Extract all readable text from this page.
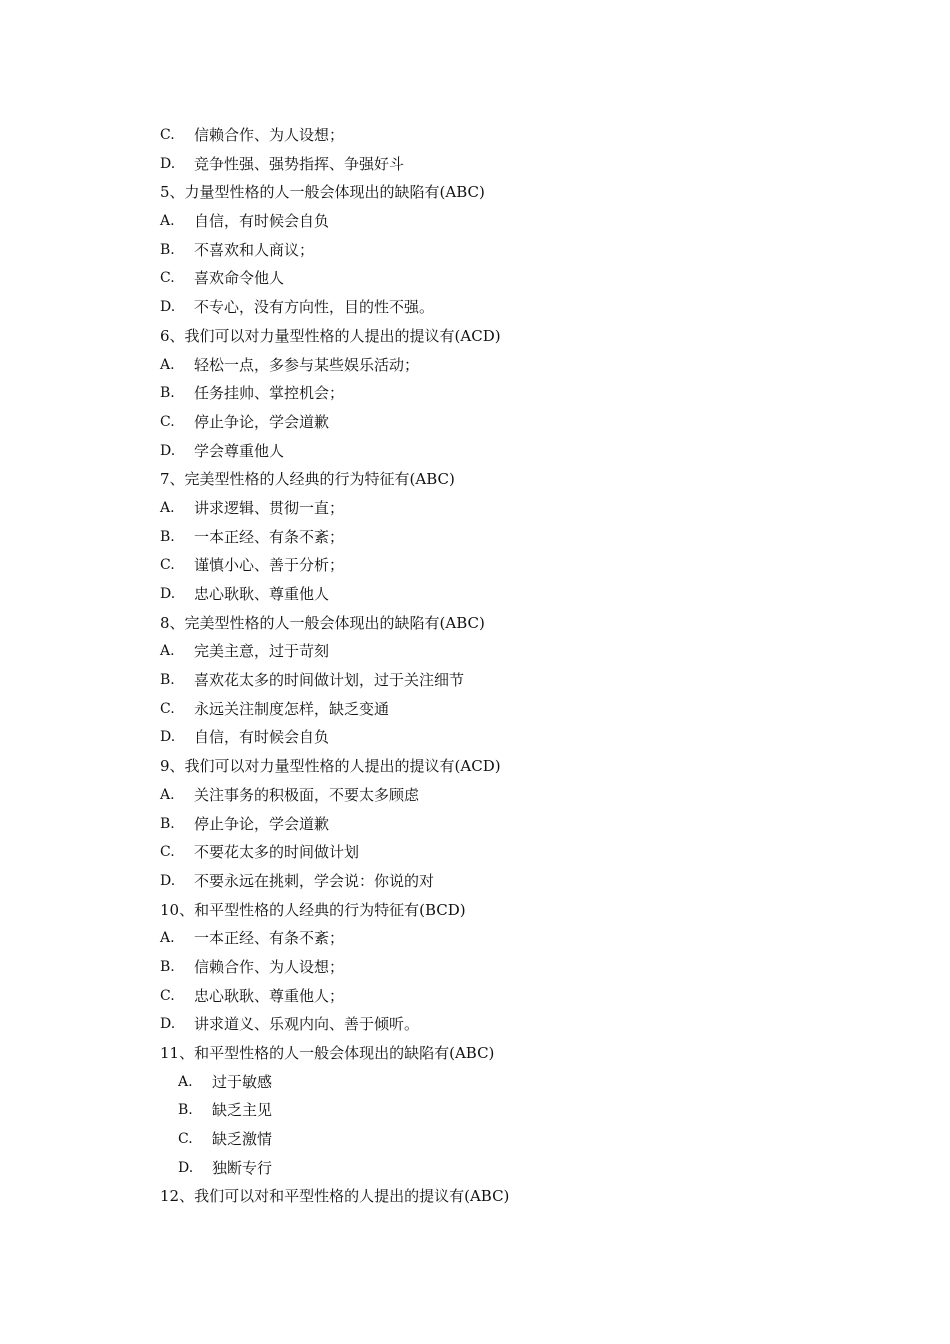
C.	信赖合作、为人设想；
D.	竞争性强、强势指挥、争强好斗
5、力量型性格的人一般会体现出的缺陷有(ABC)
A.	自信，有时候会自负
B.	不喜欢和人商议；
C.	喜欢命令他人
D.	不专心，没有方向性，目的性不强。
6、我们可以对力量型性格的人提出的提议有(ACD)
A.	轻松一点，多参与某些娱乐活动；
B.	任务挂帅、掌控机会；
C.	停止争论，学会道歉
D.	学会尊重他人
7、完美型性格的人经典的行为特征有(ABC)
A.	讲求逻辑、贯彻一直；
B.	一本正经、有条不紊；
C.	谨慎小心、善于分析；
D.	忠心耿耿、尊重他人
8、完美型性格的人一般会体现出的缺陷有(ABC)
A.	完美主意，过于苛刻
B.	喜欢花太多的时间做计划，过于关注细节
C.	永远关注制度怎样，缺乏变通
D.	自信，有时候会自负
9、我们可以对力量型性格的人提出的提议有(ACD)
A.	关注事务的积极面，不要太多顾虑
B.	停止争论，学会道歉
C.	不要花太多的时间做计划
D.	不要永远在挑刺，学会说：你说的对
10、和平型性格的人经典的行为特征有(BCD)
A.	一本正经、有条不紊；
B.	信赖合作、为人设想；
C.	忠心耿耿、尊重他人；
D.	讲求道义、乐观内向、善于倾听。
11、和平型性格的人一般会体现出的缺陷有(ABC)
A.	过于敏感
B.	缺乏主见
C.	缺乏激情
D.	独断专行
12、我们可以对和平型性格的人提出的提议有(ABC)
